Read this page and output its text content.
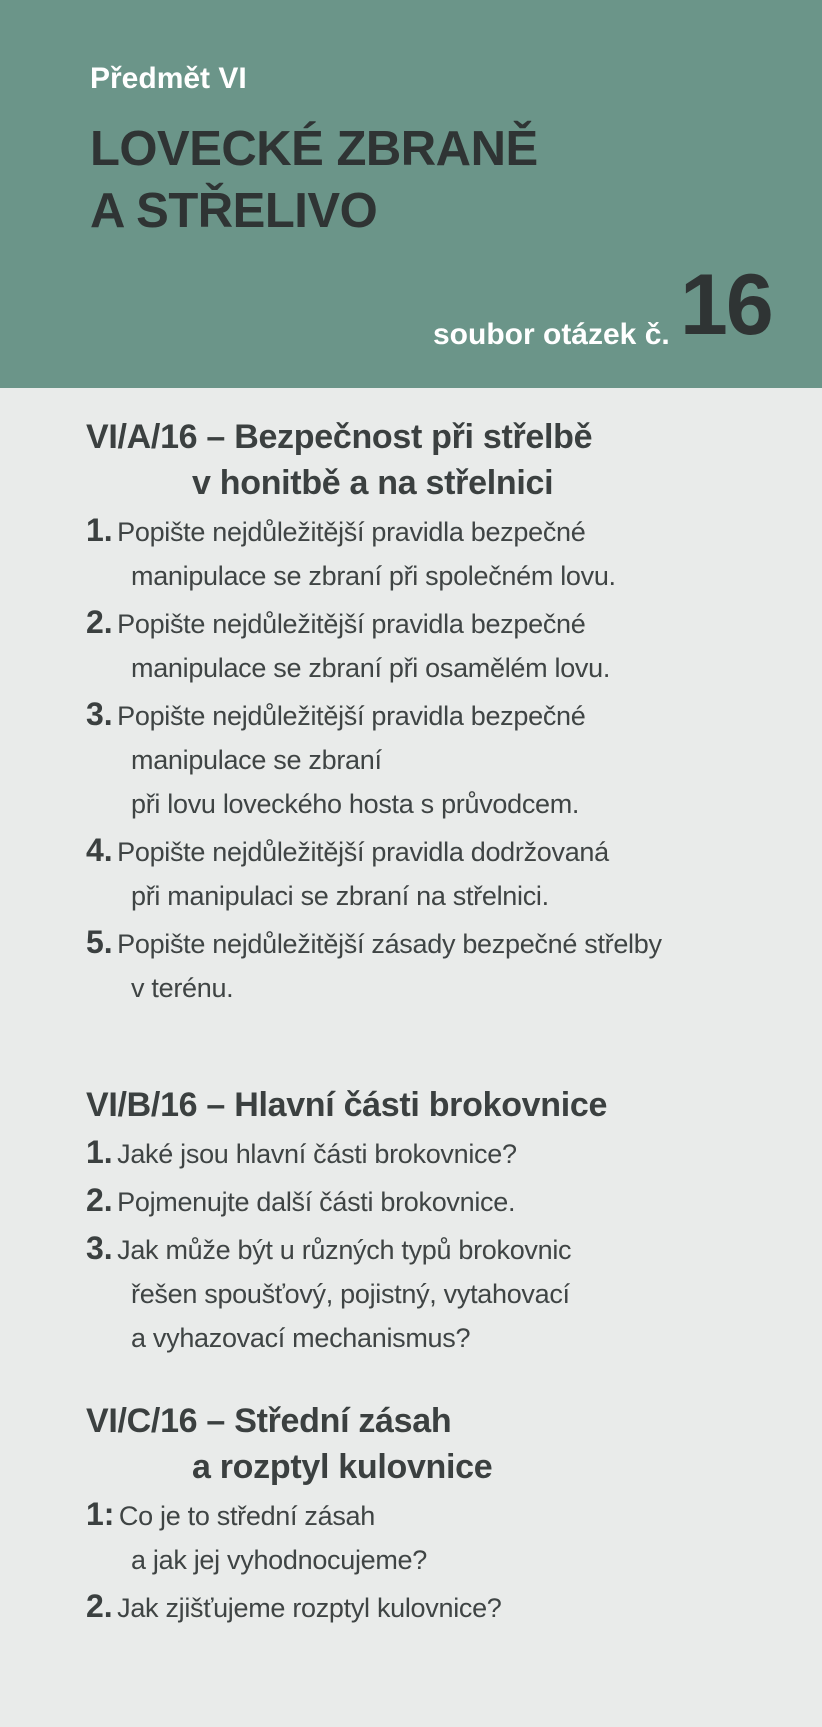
Předmět VI
LOVECKÉ ZBRANĚ
A STŘELIVO
soubor otázek č. 16
VI/A/16 – Bezpečnost při střelbě
v honitbě a na střelnici
1. Popište nejdůležitější pravidla bezpečné
manipulace se zbraní při společném lovu.
2. Popište nejdůležitější pravidla bezpečné
manipulace se zbraní při osamělém lovu.
3. Popište nejdůležitější pravidla bezpečné
manipulace se zbraní
při lovu loveckého hosta s průvodcem.
4. Popište nejdůležitější pravidla dodržovaná
při manipulaci se zbraní na střelnici.
5. Popište nejdůležitější zásady bezpečné střelby
v terénu.
VI/B/16 – Hlavní části brokovnice
1. Jaké jsou hlavní části brokovnice?
2. Pojmenujte další části brokovnice.
3. Jak může být u různých typů brokovnic
řešen spoušťový, pojistný, vytahovací
a vyhazovací mechanismus?
VI/C/16 – Střední zásah
a rozptyl kulovnice
1: Co je to střední zásah
a jak jej vyhodnocujeme?
2. Jak zjišťujeme rozptyl kulovnice?
